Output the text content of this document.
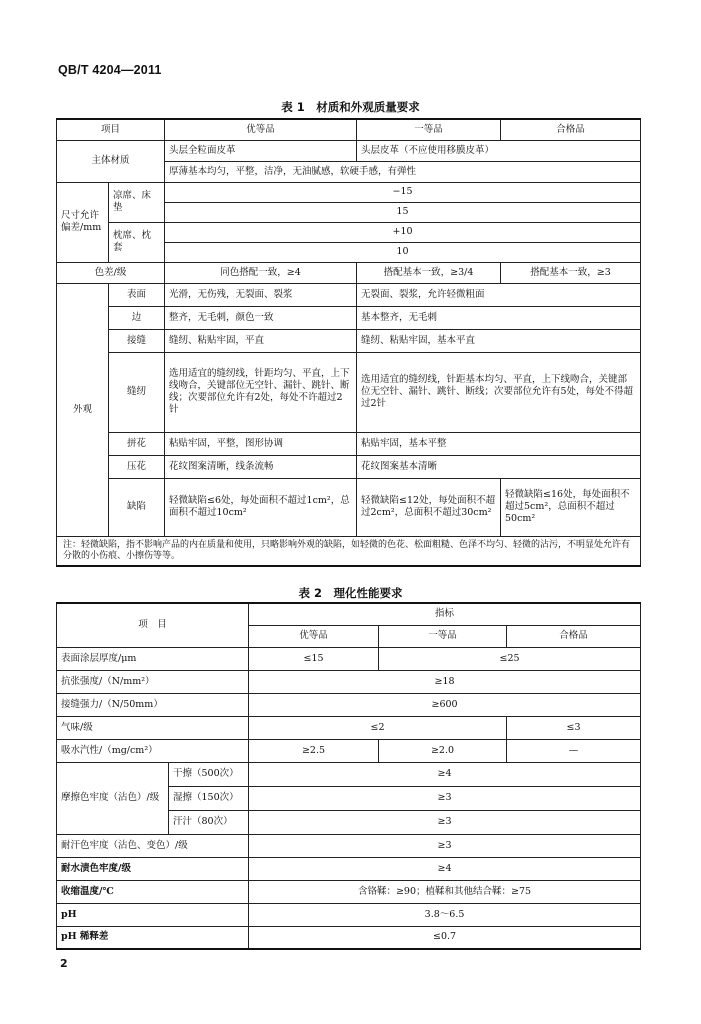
QB/T 4204—2011
表 1　材质和外观质量要求
项目		优等品	一等品	合格品
主体材质		头层全粒面皮革	头层皮革（不应使用移膜皮革）	
		厚薄基本均匀，平整，洁净，无油腻感，软硬手感，有弹性		
尺寸允许偏差/mm	凉席、床垫	−15		
		15		
	枕席、枕套	+10		
		10		
色差/级		同色搭配一致，≥4	搭配基本一致，≥3/4	搭配基本一致，≥3
外观	表面	光滑，无伤残，无裂面、裂浆	无裂面、裂浆，允许轻微粗面	
	边	整齐，无毛刺，颜色一致	基本整齐，无毛刺	
	接缝	缝纫、粘贴牢固，平直	缝纫、粘贴牢固，基本平直	
	缝纫	选用适宜的缝纫线，针距均匀、平直，上下线吻合，关键部位无空针、漏针、跳针、断线；次要部位允许有2处，每处不许超过2针	选用适宜的缝纫线，针距基本均匀、平直，上下线吻合，关键部位无空针、漏针、跳针、断线；次要部位允许有5处，每处不得超过2针	
	拼花	粘贴牢固，平整，图形协调	粘贴牢固，基本平整	
	压花	花纹图案清晰，线条流畅	花纹图案基本清晰	
	缺陷	轻微缺陷≤6处，每处面积不超过1cm²，总面积不超过10cm²	轻微缺陷≤12处，每处面积不超过2cm²，总面积不超过30cm²	轻微缺陷≤16处，每处面积不超过5cm²，总面积不超过50cm²
注：轻微缺陷，指不影响产品的内在质量和使用，只略影响外观的缺陷，如轻微的色花、松面粗糙、色泽不均匀、轻微的沾污，不明显处允许有分散的小伤痕、小擦伤等等。				
表 2　理化性能要求
项　目		指标		
		优等品	一等品	合格品
表面涂层厚度/μm		≤15	≤25	
抗张强度/（N/mm²）		≥18		
接缝强力/（N/50mm）		≥600		
气味/级		≤2		≤3
吸水汽性/（mg/cm²）		≥2.5	≥2.0	—
摩擦色牢度（沾色）/级	干擦（500次）	≥4		
	湿擦（150次）	≥3		
	汗汁（80次）	≥3		
耐汗色牢度（沾色、变色）/级		≥3		
耐水渍色牢度/级		≥4		
收缩温度/℃		含铬鞣：≥90；植鞣和其他结合鞣：≥75		
pH		3.8～6.5		
pH 稀释差		≤0.7		
2
